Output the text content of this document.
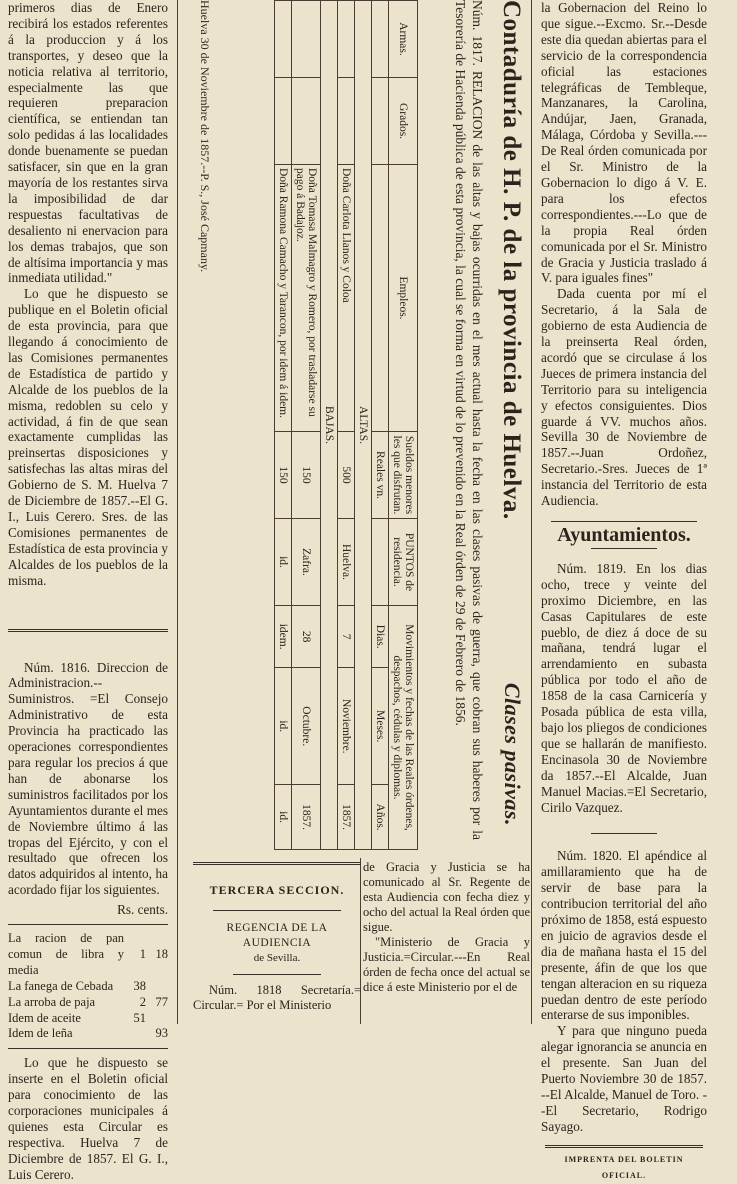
primeros dias de Enero recibirá los estados referentes á la produccion y á los transportes, y deseo que la noticia relativa al territorio, especialmente las que requieren preparacion científica, se entiendan tan solo pedidas á las localidades donde buenamente se puedan satisfacer, sin que en la gran mayoría de los restantes sirva la imposibilidad de dar respuestas facultativas de desaliento ni enervacion para los demas trabajos, que son de altísima importancia y mas inmediata utilidad."

Lo que he dispuesto se publique en el Boletin oficial de esta provincia, para que llegando á conocimiento de las Comisiones permanentes de Estadística de partido y Alcalde de los pueblos de la misma, redoblen su celo y actividad, á fin de que sean exactamente cumplidas las preinsertas disposiciones y satisfechas las altas miras del Gobierno de S. M. Huelva 7 de Diciembre de 1857.--El G. I., Luis Cerero. Sres. de las Comisiones permanentes de Estadística de esta provincia y Alcaldes de los pueblos de la misma.

Núm. 1816. Direccion de Administracion.--Suministros. =El Consejo Administrativo de esta Provincia ha practicado las operaciones correspondientes para regular los precios á que han de abonarse los suministros facilitados por los Ayuntamientos durante el mes de Noviembre último á las tropas del Ejército, y con el resultado que ofrecen los datos adquiridos al intento, ha acordado fijar los siguientes.

Rs. cents.
La racion de pan comun de libra y media	1	18
La fanega de Cebada	38	
La arroba de paja	2	77
Idem de aceite	51	
Idem de leña		93

Lo que he dispuesto se inserte en el Boletin oficial para conocimiento de las corporaciones municipales á quienes esta Circular es respectiva. Huelva 7 de Diciembre de 1857. El G. I., Luis Cerero.

Contaduría de H. P. de la provincia de Huelva.
Clases pasivas.
Núm. 1817. RELACION de las altas y bajas ocurridas en el mes actual hasta la fecha en las clases pasivas de guerra, que cobran sus haberes por la Tesorería de Hacienda pública de esta provincia, la cual se forma en virtud de lo prevenido en la Real órden de 29 de Febrero de 1856.
Armas.	Grados.	Empleos.	Sueldos menores les que disfrutan.	PUNTOS de residencia.	Movimientos y fechas de las Reales órdenes, despachos, cédulas y diplomas.		
			Reales vn.		Dias.	Meses.	Años.
ALTAS.							
		Doña Carlota Llanos y Coloa	500	Huelva.	7	Noviembre.	1857.
BAJAS.							
		Doña Tomasa Malmagro y Romero, por trasladarse su pago á Badajoz.	150	Zafra.	28	Octubre.	1857.
		Doña Ramona Camacho y Tarancon, por idem á idem.	150	id.	idem.	id.	id.
Huelva 30 de Noviembre de 1857.--P. S., José Capmany.
TERCERA SECCION.
REGENCIA DE LA AUDIENCIA
de Sevilla.

Núm. 1818 Secretaría.= Circular.= Por el Ministerio

de Gracia y Justicia se ha comunicado al Sr. Regente de esta Audiencia con fecha diez y ocho del actual la Real órden que sigue.

"Ministerio de Gracia y Justicia.=Circular.---En Real órden de fecha once del actual se dice á este Ministerio por el de

la Gobernacion del Reino lo que sigue.--Excmo. Sr.--Desde este dia quedan abiertas para el servicio de la correspondencia oficial las estaciones telegráficas de Tembleque, Manzanares, la Carolina, Andújar, Jaen, Granada, Málaga, Córdoba y Sevilla.---De Real órden comunicada por el Sr. Ministro de la Gobernacion lo digo á V. E. para los efectos correspondientes.---Lo que de la propia Real órden comunicada por el Sr. Ministro de Gracia y Justicia traslado á V. para iguales fines"

Dada cuenta por mí el Secretario, á la Sala de gobierno de esta Audiencia de la preinserta Real órden, acordó que se circulase á los Jueces de primera instancia del Territorio para su inteligencia y efectos consiguientes. Dios guarde á VV. muchos años. Sevilla 30 de Noviembre de 1857.--Juan Ordoñez, Secretario.-Sres. Jueces de 1ª instancia del Territorio de esta Audiencia.

Ayuntamientos.

Núm. 1819. En los dias ocho, trece y veinte del proximo Diciembre, en las Casas Capitulares de este pueblo, de diez á doce de su mañana, tendrá lugar el arrendamiento en subasta pública por todo el año de 1858 de la casa Carnicería y Posada pública de esta villa, bajo los pliegos de condiciones que se hallarán de manifiesto. Encinasola 30 de Noviembre da 1857.--El Alcalde, Juan Manuel Macias.=El Secretario, Cirilo Vazquez.

Núm. 1820. El apéndice al amillaramiento que ha de servir de base para la contribucion territorial del año próximo de 1858, está espuesto en juicio de agravios desde el dia de mañana hasta el 15 del presente, áfin de que los que tengan alteracion en su riqueza puedan dentro de este período enterarse de sus imponibles.

Y para que ninguno pueda alegar ignorancia se anuncia en el presente. San Juan del Puerto Noviembre 30 de 1857. --El Alcalde, Manuel de Toro. --El Secretario, Rodrigo Sayago.

IMPRENTA DEL BOLETIN OFICIAL.
